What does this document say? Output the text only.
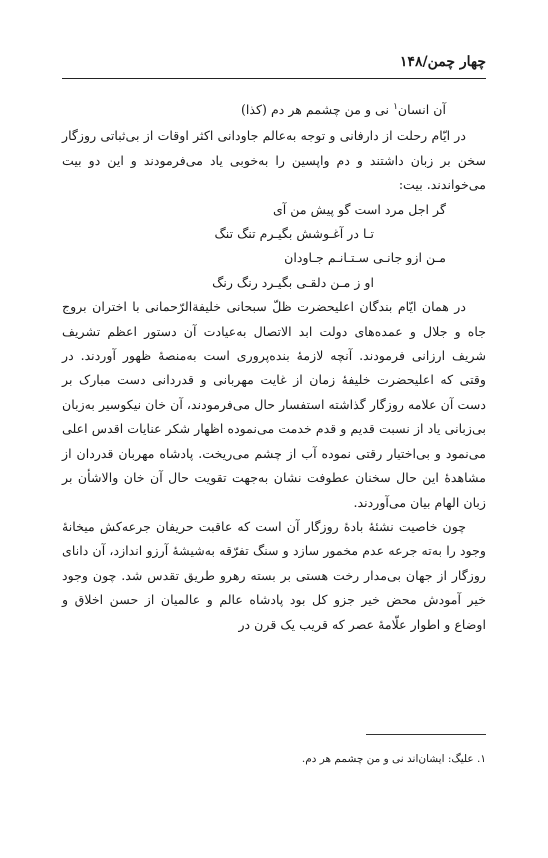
چهار چمن/۱۴۸

آن انسان$^۱$ نی و من چشمم هر دم (کذا)

در ایّام رحلت از دارفانی و توجه به‌عالم جاودانی اکثر اوقات از بی‌ثباتی روزگار سخن بر زبان داشتند و دم واپسین را به‌خوبی یاد می‌فرمودند و این دو بیت می‌خواندند. بیت:

گر اجل مرد است گو پیش من آی

تـا در آغـوشش بگیـرم تنگ تنگ

مـن ازو جانـی سـتـانـم جـاودان

او ز مـن دلقـی بگیـرد رنگ رنگ

در همان ایّام بندگان اعلیحضرت ظلّ سبحانی خلیفةالرّحمانی با اختران بروج جاه و جلال و عمده‌های دولت ابد الاتصال به‌عیادت آن دستور اعظم تشریف شریف ارزانی فرمودند. آنچه لازمهٔ بنده‌پروری است به‌منصهٔ ظهور آوردند. در وقتی که اعلیحضرت خلیفهٔ زمان از غایت مهربانی و قدردانی دست مبارک بر دست آن علامه روزگار گذاشته استفسار حال می‌فرمودند، آن خان نیکوسیر به‌زبان بی‌زبانی یاد از نسبت قدیم و قدم خدمت می‌نموده اظهار شکر عنایات اقدس اعلی می‌نمود و بی‌اختیار رقتی نموده آب از چشم می‌ریخت. پادشاه مهربان قدردان از مشاهدهٔ این حال سخنان عطوفت نشان به‌جهت تقویت حال آن خان والاشأن بر زبان الهام بیان می‌آوردند.

چون خاصیت نشئهٔ بادهٔ روزگار آن است که عاقبت حریفان جرعه‌کش میخانهٔ وجود را به‌ته جرعه عدم مخمور سازد و سنگ تفرّقه به‌شیشهٔ آرزو اندازد، آن دانای روزگار از جهان بی‌مدار رخت هستی بر بسته رهرو طریق تقدس شد. چون وجود خیر آمودش محض خیر جزو کل بود پادشاه عالم و عالمیان از حسن اخلاق و اوضاع و اطوار علّامهٔ عصر که قریب یک قرن در

۱. علیگ: ایشان‌اند نی و من چشمم هر دم.
